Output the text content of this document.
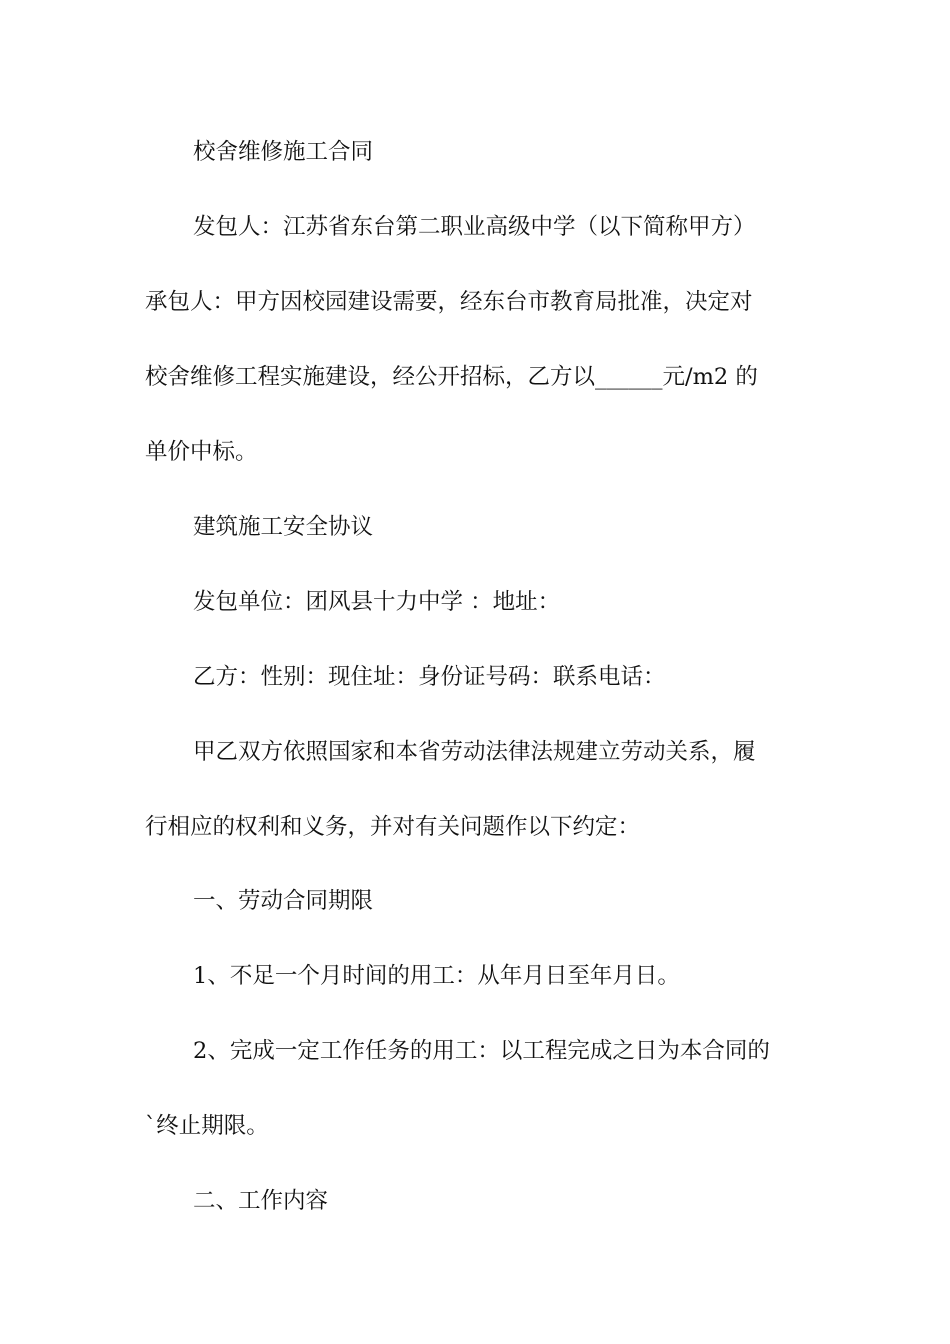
校舍维修施工合同

发包人：江苏省东台第二职业高级中学（以下简称甲方）

承包人：甲方因校园建设需要，经东台市教育局批准，决定对

校舍维修工程实施建设，经公开招标，乙方以______元/m2 的

单价中标。

建筑施工安全协议

发包单位：团风县十力中学 ：地址：

乙方：性别：现住址：身份证号码：联系电话：

甲乙双方依照国家和本省劳动法律法规建立劳动关系，履

行相应的权利和义务，并对有关问题作以下约定：

一、劳动合同期限

1、不足一个月时间的用工：从年月日至年月日。

2、完成一定工作任务的用工：以工程完成之日为本合同的

`终止期限。

二、工作内容
